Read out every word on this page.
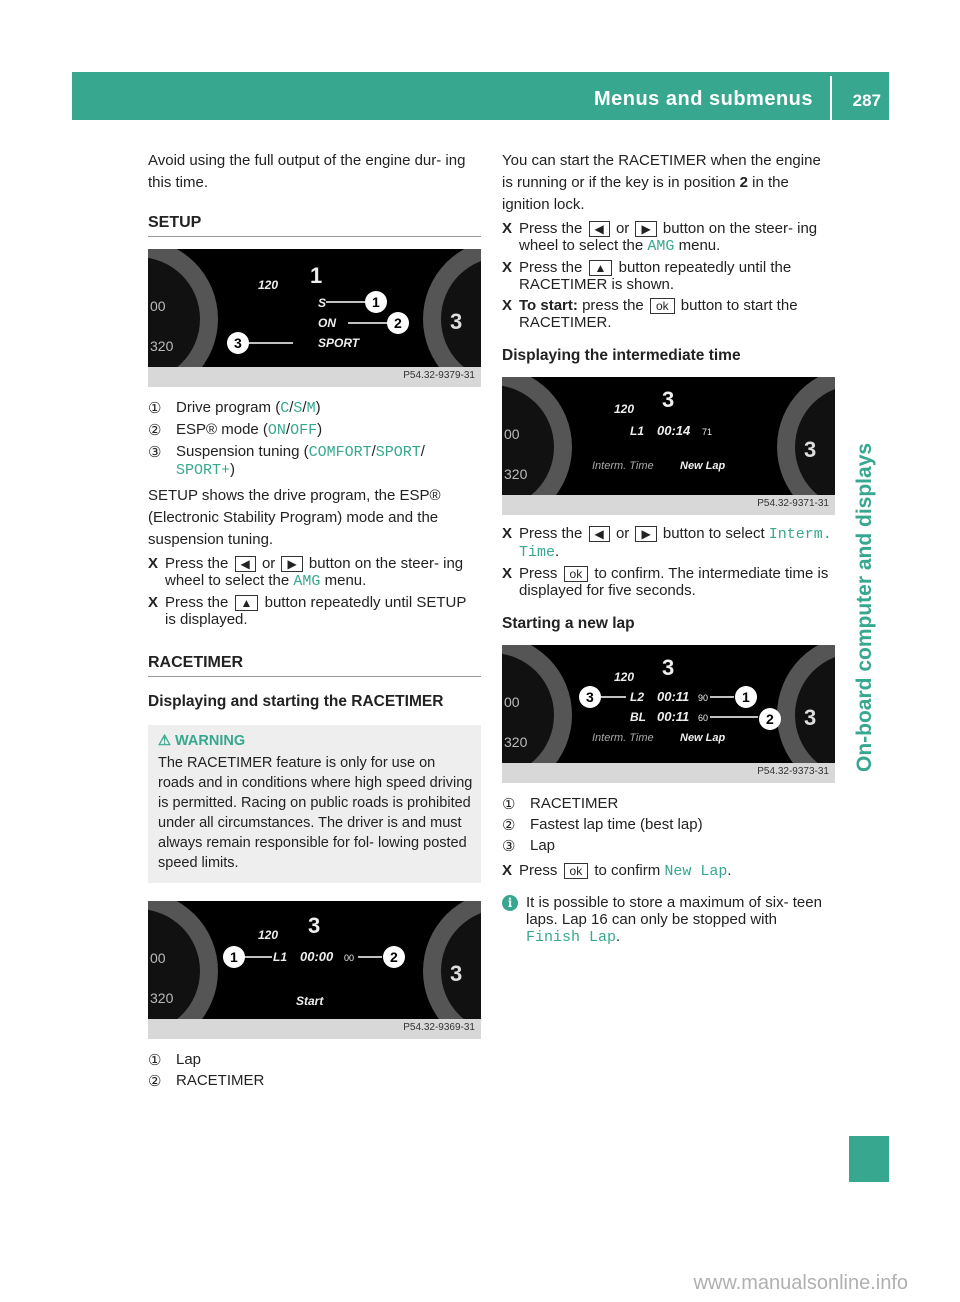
Menus and submenus 287
On-board computer and displays

Avoid using the full output of the engine dur- ing this time.

SETUP
00
320
3
120 1
S
ON
SPORT
1
2
3
P54.32-9379-31
① Drive program (C/S/M)
② ESP® mode (ON/OFF)
③ Suspension tuning (COMFORT/SPORT/ SPORT+)

SETUP shows the drive program, the ESP® (Electronic Stability Program) mode and the suspension tuning.

X Press the ◀ or ▶ button on the steer- ing wheel to select the AMG menu.
X Press the ▲ button repeatedly until SETUP is displayed.
RACETIMER
Displaying and starting the RACETIMER
⚠ WARNING

The RACETIMER feature is only for use on roads and in conditions where high speed driving is permitted. Racing on public roads is prohibited under all circumstances. The driver is and must always remain responsible for fol- lowing posted speed limits.

00
320
3
120 3
L1 00:00 00
Start
1	2
P54.32-9369-31
① Lap
② RACETIMER

You can start the RACETIMER when the engine is running or if the key is in position 2 in the ignition lock.

X Press the ◀ or ▶ button on the steer- ing wheel to select the AMG menu.
X Press the ▲ button repeatedly until the RACETIMER is shown.
X To start: press the ok button to start the RACETIMER.
Displaying the intermediate time
00
320
3
120 3
L1 00:14 71
Interm. Time New Lap
P54.32-9371-31
X Press the ◀ or ▶ button to select Interm. Time.
X Press ok to confirm. The intermediate time is displayed for five seconds.
Starting a new lap
00
320
3
120 3
L2 00:11 90
BL 00:11 60
Interm. Time New Lap
3	1
2
P54.32-9373-31
① RACETIMER
② Fastest lap time (best lap)
③ Lap
X Press ok to confirm New Lap.
i It is possible to store a maximum of six- teen laps. Lap 16 can only be stopped with Finish Lap.
www.manualsonline.info
